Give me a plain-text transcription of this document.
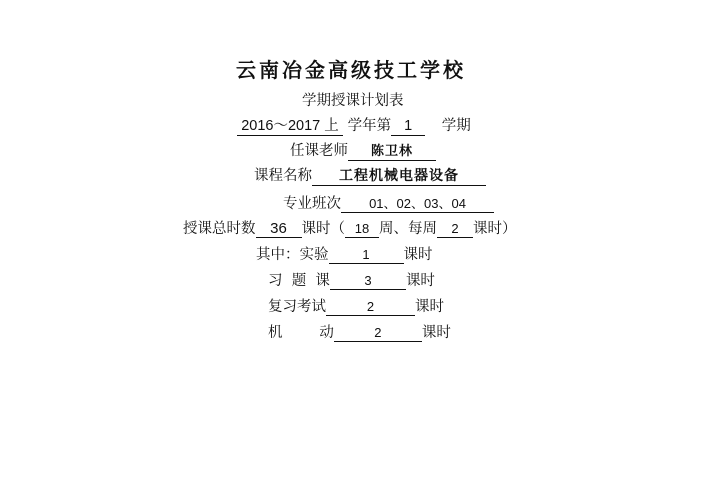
云南冶金高级技工学校
学期授课计划表
2016～2017 上 学年第 1 学期
任课老师 陈卫林
课程名称 工程机械电器设备
专业班次 01、02、03、04
授课总时数 36 课时（ 18 周、每周 2 课时）
其中：实验	1 课时
习  题  课	3 课时
复习考试	2	课时
机        动	2	课时
